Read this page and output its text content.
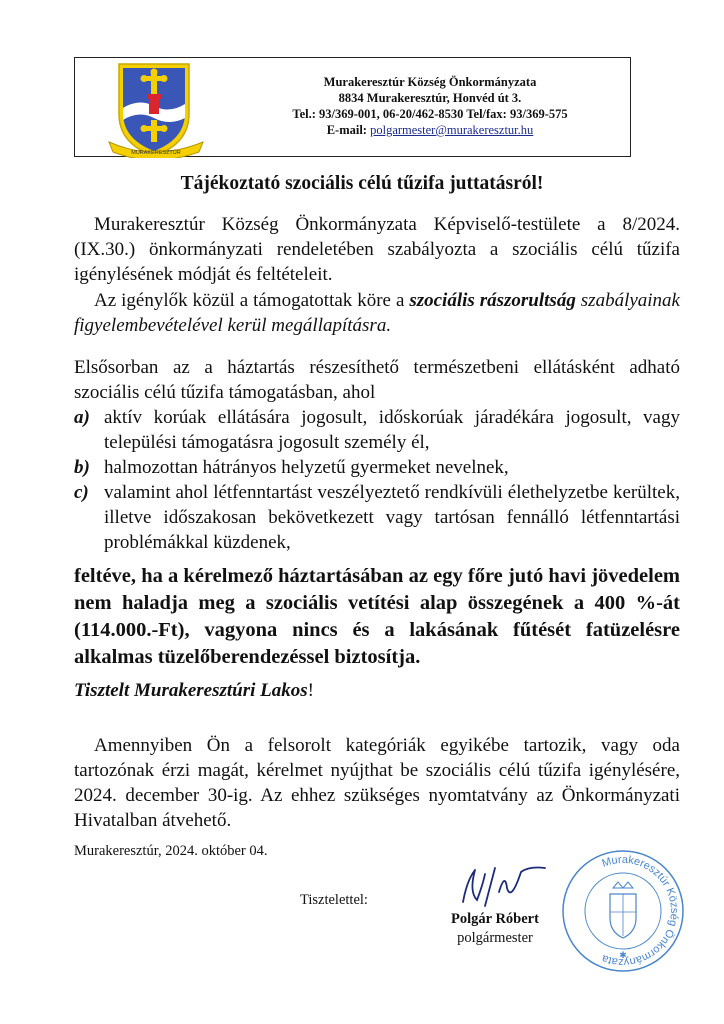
MURAKERESZTÚR
Murakeresztúr Község Önkormányzata
8834 Murakeresztúr, Honvéd út 3.
Tel.: 93/369-001, 06-20/462-8530 Tel/fax: 93/369-575
E-mail: polgarmester@murakeresztur.hu
Tájékoztató szociális célú tűzifa juttatásról!
Murakeresztúr Község Önkormányzata Képviselő-testülete a 8/2024.(IX.30.) önkormányzati rendeletében szabályozta a szociális célú tűzifa igénylésének módját és feltételeit.
Az igénylők közül a támogatottak köre a szociális rászorultság szabályainak figyelembevételével kerül megállapításra.
Elsősorban az a háztartás részesíthető természetbeni ellátásként adható szociális célú tűzifa támogatásban, ahol
a) aktív korúak ellátására jogosult, időskorúak járadékára jogosult, vagy települési támogatásra jogosult személy él,
b) halmozottan hátrányos helyzetű gyermeket nevelnek,
c) valamint ahol létfenntartást veszélyeztető rendkívüli élethelyzetbe kerültek, illetve időszakosan bekövetkezett vagy tartósan fennálló létfenntartási problémákkal küzdenek,
feltéve, ha a kérelmező háztartásában az egy főre jutó havi jövedelem nem haladja meg a szociális vetítési alap összegének a 400 %-át (114.000.-Ft), vagyona nincs és a lakásának fűtését fatüzelésre alkalmas tüzelőberendezéssel biztosítja.
Tisztelt Murakeresztúri Lakos!
Amennyiben Ön a felsorolt kategóriák egyikébe tartozik, vagy oda tartozónak érzi magát, kérelmet nyújthat be szociális célú tűzifa igénylésére, 2024. december 30-ig. Az ehhez szükséges nyomtatvány az Önkormányzati Hivatalban átvehető.
Murakeresztúr, 2024. október 04.
Tisztelettel:
Polgár Róbert
polgármester
Murakeresztúr Község Önkormányzata	✱
